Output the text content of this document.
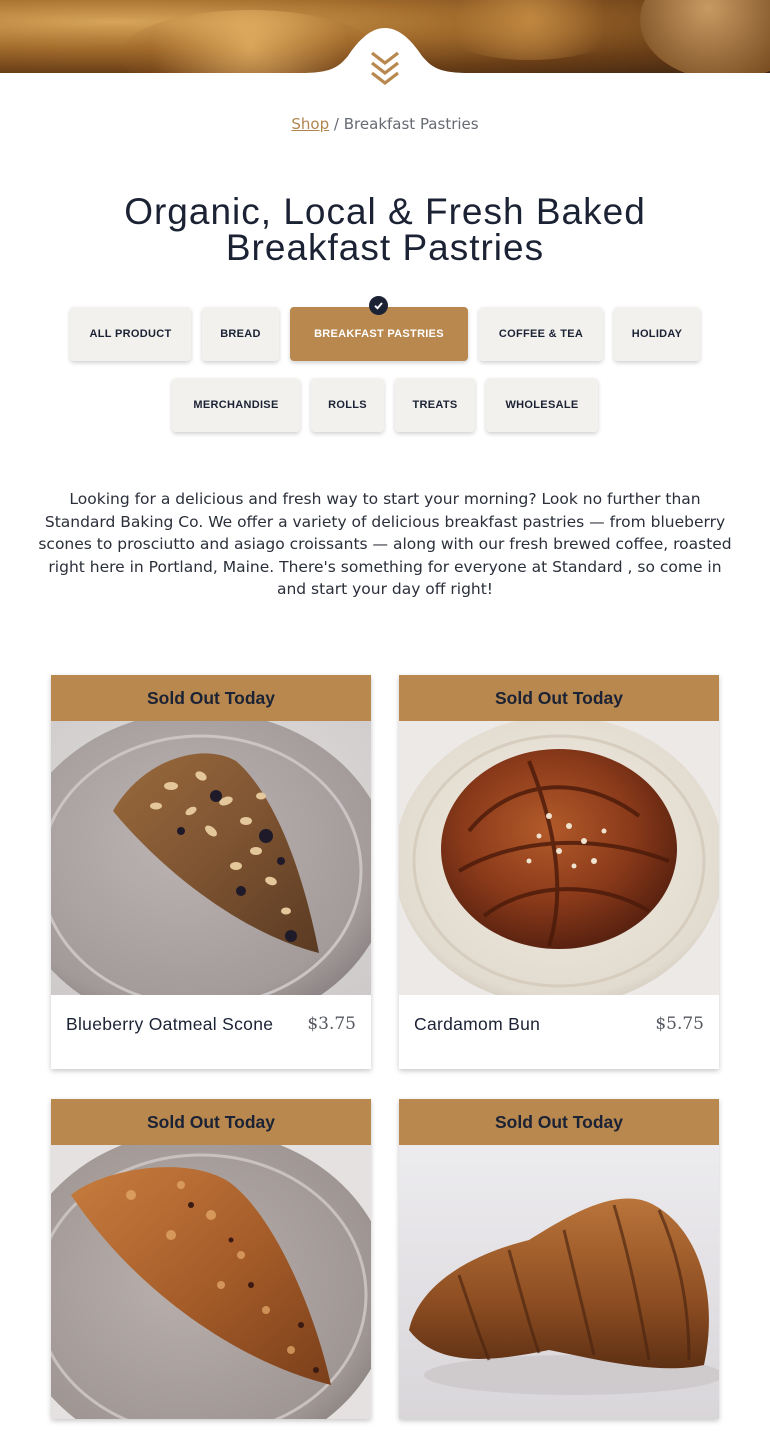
Shop / Breakfast Pastries
Organic, Local & Fresh Baked Breakfast Pastries
ALL PRODUCT	BREAD	BREAKFAST PASTRIES	COFFEE & TEA	HOLIDAY
MERCHANDISE	ROLLS	TREATS	WHOLESALE

Looking for a delicious and fresh way to start your morning? Look no further than Standard Baking Co. We offer a variety of delicious breakfast pastries — from blueberry scones to prosciutto and asiago croissants — along with our fresh brewed coffee, roasted right here in Portland, Maine. There's something for everyone at Standard , so come in and start your day off right!

Sold Out Today
Blueberry Oatmeal Scone	$3.75
Sold Out Today
Cardamom Bun	$5.75
Sold Out Today	Sold Out Today
